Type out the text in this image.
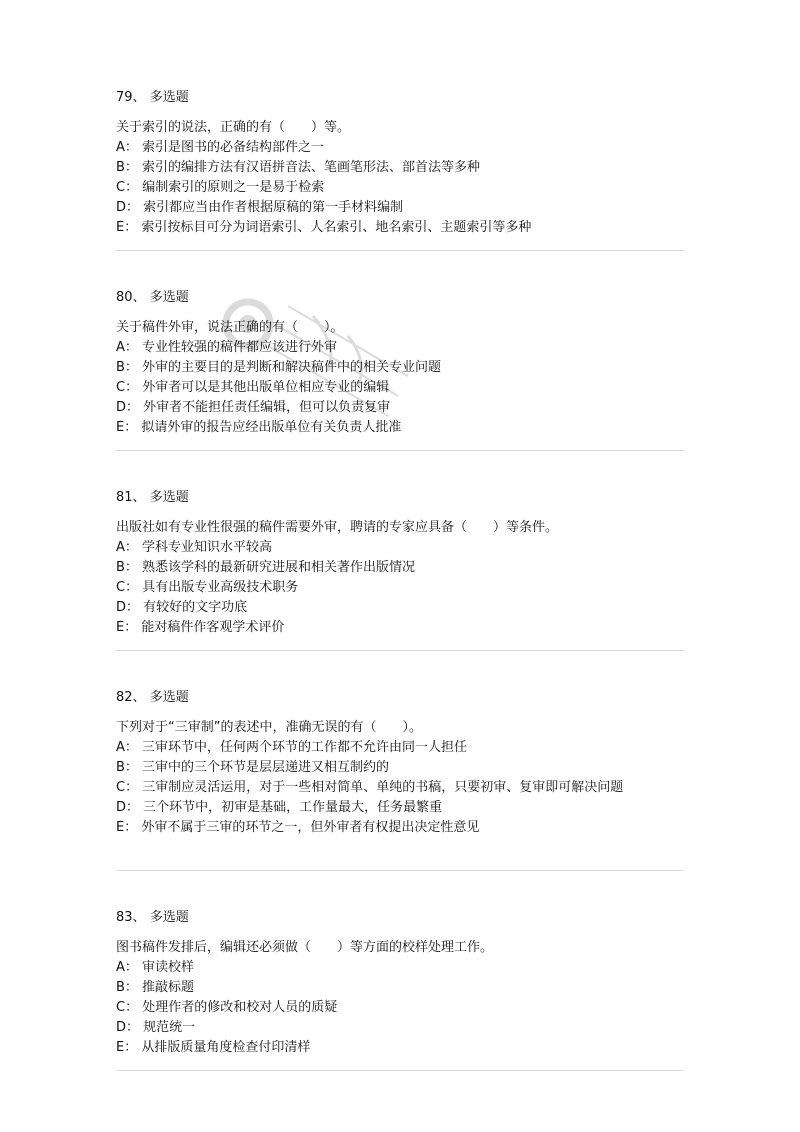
79、 多选题

关于索引的说法，正确的有（　　）等。

A： 索引是图书的必备结构部件之一

B： 索引的编排方法有汉语拼音法、笔画笔形法、部首法等多种

C： 编制索引的原则之一是易于检索

D： 索引都应当由作者根据原稿的第一手材料编制

E： 索引按标目可分为词语索引、人名索引、地名索引、主题索引等多种

80、 多选题

关于稿件外审，说法正确的有（　　）。

A： 专业性较强的稿件都应该进行外审

B： 外审的主要目的是判断和解决稿件中的相关专业问题

C： 外审者可以是其他出版单位相应专业的编辑

D： 外审者不能担任责任编辑，但可以负责复审

E： 拟请外审的报告应经出版单位有关负责人批准

81、 多选题

出版社如有专业性很强的稿件需要外审，聘请的专家应具备（　　）等条件。

A： 学科专业知识水平较高

B： 熟悉该学科的最新研究进展和相关著作出版情况

C： 具有出版专业高级技术职务

D： 有较好的文字功底

E： 能对稿件作客观学术评价

82、 多选题

下列对于“三审制”的表述中，准确无误的有（　　）。

A： 三审环节中，任何两个环节的工作都不允许由同一人担任

B： 三审中的三个环节是层层递进又相互制约的

C： 三审制应灵活运用，对于一些相对简单、单纯的书稿，只要初审、复审即可解决问题

D： 三个环节中，初审是基础，工作量最大，任务最繁重

E： 外审不属于三审的环节之一，但外审者有权提出决定性意见

83、 多选题

图书稿件发排后，编辑还必须做（　　）等方面的校样处理工作。

A： 审读校样

B： 推敲标题

C： 处理作者的修改和校对人员的质疑

D： 规范统一

E： 从排版质量角度检查付印清样
